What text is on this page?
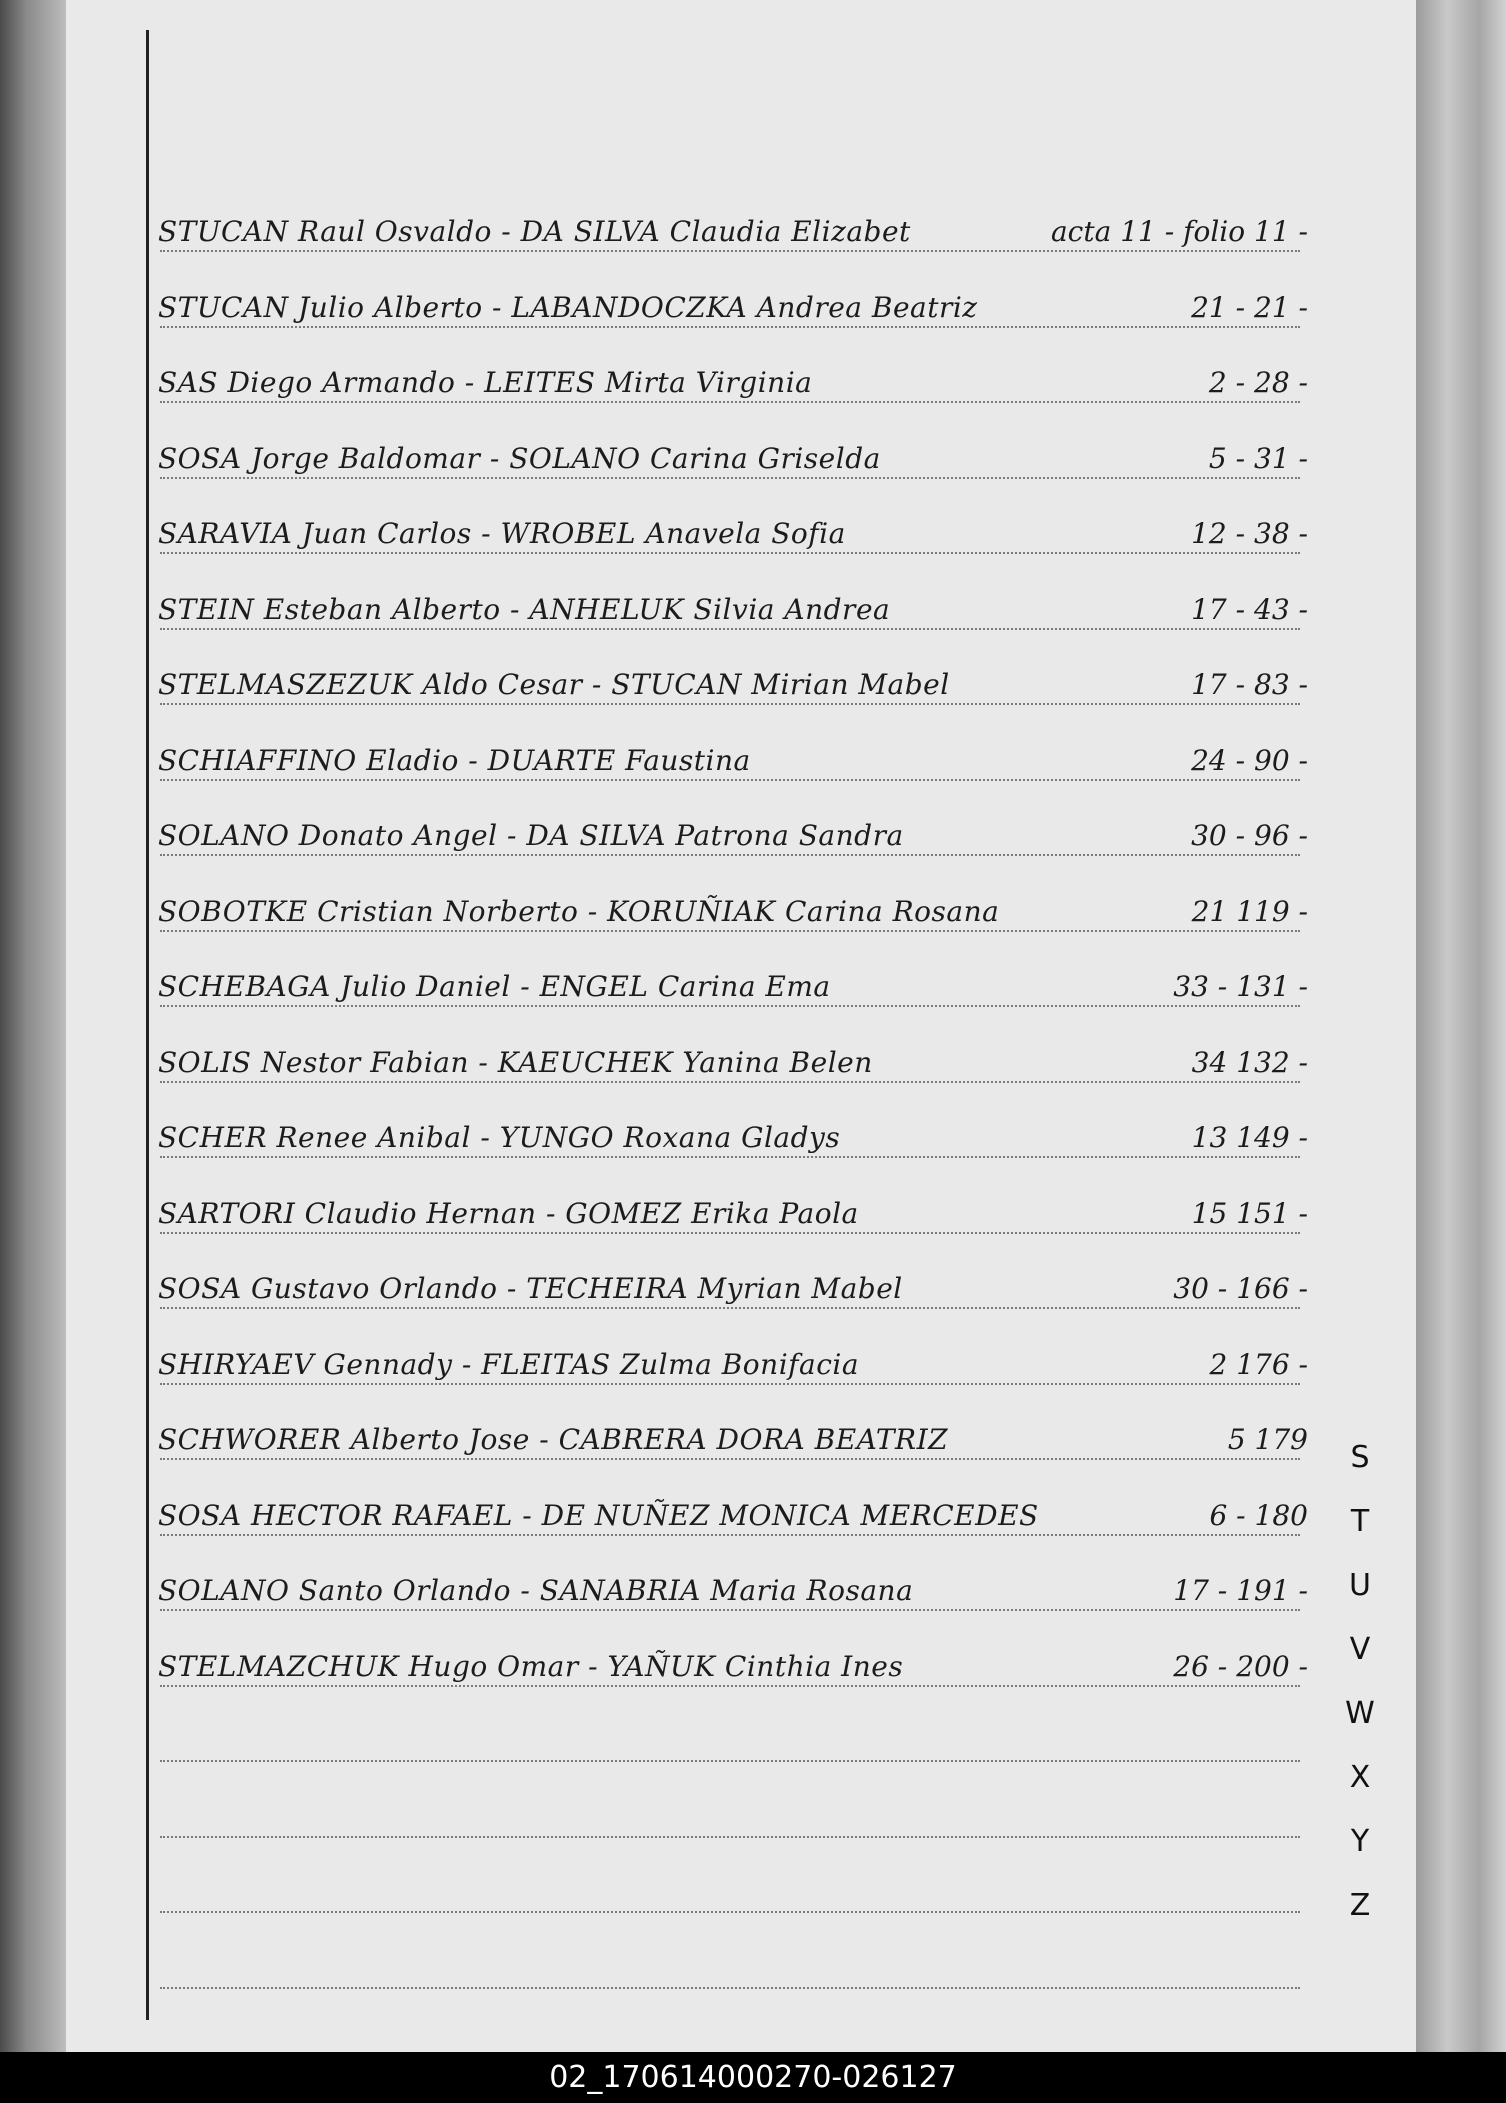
STUCAN Raul Osvaldo - DA SILVA Claudia Elizabet	acta 11 - folio 11 -
STUCAN Julio Alberto - LABANDOCZKA Andrea Beatriz	21 - 21 -
SAS Diego Armando - LEITES Mirta Virginia	2 - 28 -
SOSA Jorge Baldomar - SOLANO Carina Griselda	5 - 31 -
SARAVIA Juan Carlos - WROBEL Anavela Sofia	12 - 38 -
STEIN Esteban Alberto - ANHELUK Silvia Andrea	17 - 43 -
STELMASZEZUK Aldo Cesar - STUCAN Mirian Mabel	17 - 83 -
SCHIAFFINO Eladio - DUARTE Faustina	24 - 90 -
SOLANO Donato Angel - DA SILVA Patrona Sandra	30 - 96 -
SOBOTKE Cristian Norberto - KORUÑIAK Carina Rosana	21 119 -
SCHEBAGA Julio Daniel - ENGEL Carina Ema	33 - 131 -
SOLIS Nestor Fabian - KAEUCHEK Yanina Belen	34 132 -
SCHER Renee Anibal - YUNGO Roxana Gladys	13 149 -
SARTORI Claudio Hernan - GOMEZ Erika Paola	15 151 -
SOSA Gustavo Orlando - TECHEIRA Myrian Mabel	30 - 166 -
SHIRYAEV Gennady - FLEITAS Zulma Bonifacia	2 176 -
SCHWORER Alberto Jose - CABRERA DORA BEATRIZ	5 179
SOSA HECTOR RAFAEL - DE NUÑEZ MONICA MERCEDES	6 - 180
SOLANO Santo Orlando - SANABRIA Maria Rosana	17 - 191 -
STELMAZCHUK Hugo Omar - YAÑUK Cinthia Ines	26 - 200 -
S
T
U
V
W
X
Y
Z
02_170614000270-026127
